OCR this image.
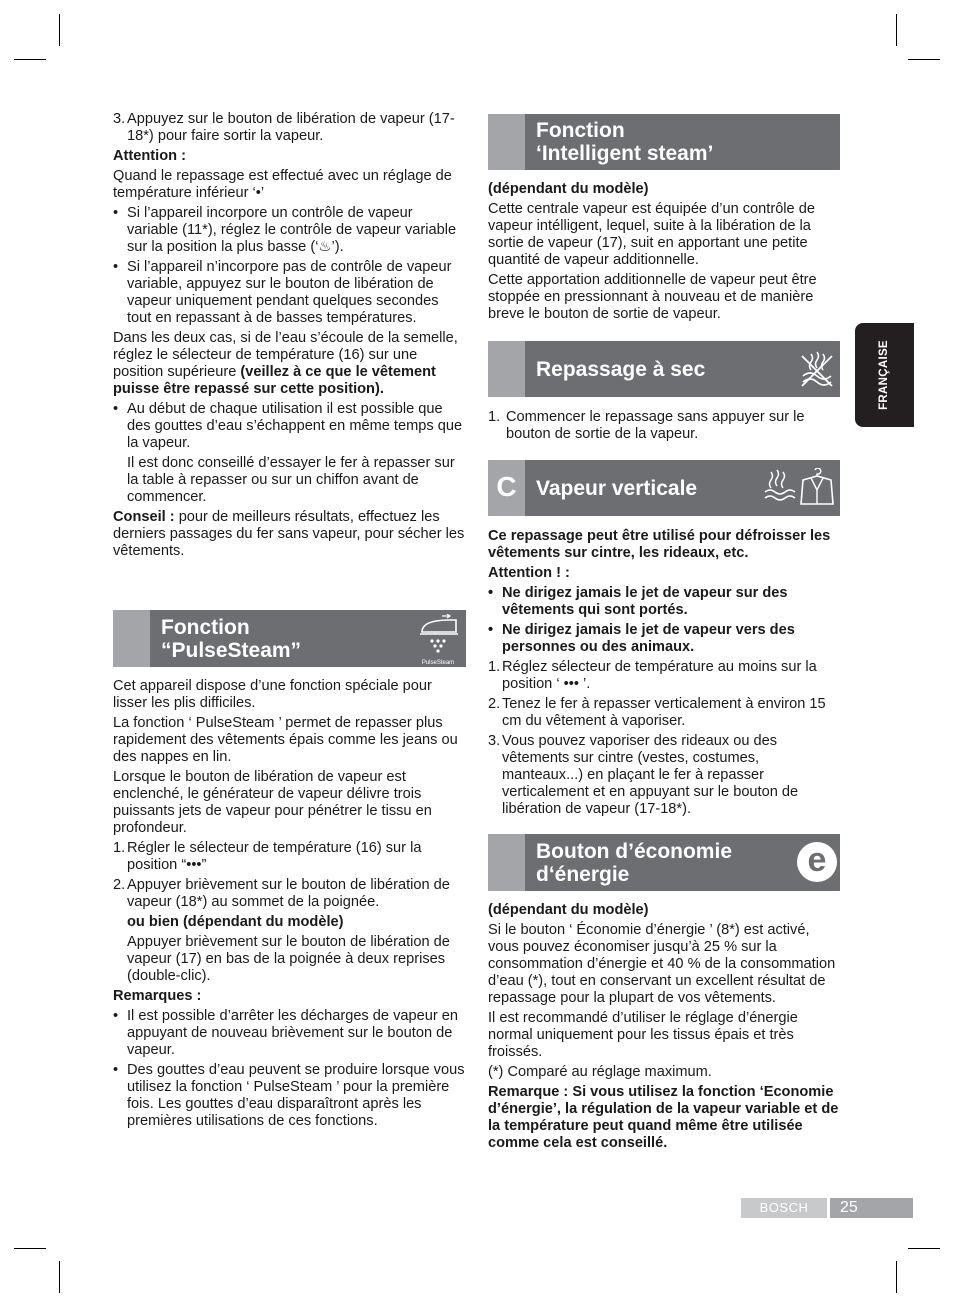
FRANÇAISE
3. Appuyez sur le bouton de libération de vapeur (17-18*) pour faire sortir la vapeur.

Attention :

Quand le repassage est effectué avec un réglage de température inférieur ‘•’

• Si l’appareil incorpore un contrôle de vapeur variable (11*), réglez le contrôle de vapeur variable sur la position la plus basse (‘♨’).
• Si l’appareil n’incorpore pas de contrôle de vapeur variable, appuyez sur le bouton de libération de vapeur uniquement pendant quelques secondes tout en repassant à de basses températures.

Dans les deux cas, si de l’eau s’écoule de la semelle, réglez le sélecteur de température (16) sur une position supérieure (veillez à ce que le vêtement puisse être repassé sur cette position).

• Au début de chaque utilisation il est possible que des gouttes d’eau s’échappent en même temps que la vapeur.

Il est donc conseillé d’essayer le fer à repasser sur la table à repasser ou sur un chiffon avant de commencer.

Conseil : pour de meilleurs résultats, effectuez les derniers passages du fer sans vapeur, pour sécher les vêtements.

Fonction
“PulseSteam”
PulseSteam

Cet appareil dispose d’une fonction spéciale pour lisser les plis difficiles.

La fonction ‘ PulseSteam ’ permet de repasser plus rapidement des vêtements épais comme les jeans ou des nappes en lin.

Lorsque le bouton de libération de vapeur est enclenché, le générateur de vapeur délivre trois puissants jets de vapeur pour pénétrer le tissu en profondeur.

1. Régler le sélecteur de température (16) sur la position “•••”
2. Appuyer brièvement sur le bouton de libération de vapeur (18*) au sommet de la poignée.

ou bien (dépendant du modèle)

Appuyer brièvement sur le bouton de libération de vapeur (17) en bas de la poignée à deux reprises (double-clic).

Remarques :

• Il est possible d’arrêter les décharges de vapeur en appuyant de nouveau brièvement sur le bouton de vapeur.
• Des gouttes d’eau peuvent se produire lorsque vous utilisez la fonction ‘ PulseSteam ’ pour la première fois. Les gouttes d’eau disparaîtront après les premières utilisations de ces fonctions.
Fonction
‘Intelligent steam’

(dépendant du modèle)

Cette centrale vapeur est équipée d’un contrôle de vapeur intélligent, lequel, suite à la libération de la sortie de vapeur (17), suit en apportant une petite quantité de vapeur additionnelle.

Cette apportation additionnelle de vapeur peut être stoppée en pressionnant à nouveau et de manière breve le bouton de sortie de vapeur.

Repassage à sec
1. Commencer le repassage sans appuyer sur le bouton de sortie de la vapeur.
C Vapeur verticale

Ce repassage peut être utilisé pour défroisser les vêtements sur cintre, les rideaux, etc.

Attention ! :

• Ne dirigez jamais le jet de vapeur sur des vêtements qui sont portés.
• Ne dirigez jamais le jet de vapeur vers des personnes ou des animaux.
1. Réglez sélecteur de température au moins sur la position ‘ ••• ’.
2. Tenez le fer à repasser verticalement à environ 15 cm du vêtement à vaporiser.
3. Vous pouvez vaporiser des rideaux ou des vêtements sur cintre (vestes, costumes, manteaux...) en plaçant le fer à repasser verticalement et en appuyant sur le bouton de libération de vapeur (17-18*).
Bouton d’économie
d‘énergie	e

(dépendant du modèle)

Si le bouton ‘ Économie d’énergie ’ (8*) est activé, vous pouvez économiser jusqu’à 25 % sur la consommation d’énergie et 40 % de la consommation d’eau (*), tout en conservant un excellent résultat de repassage pour la plupart de vos vêtements.

Il est recommandé d’utiliser le réglage d’énergie normal uniquement pour les tissus épais et très froissés.

(*) Comparé au réglage maximum.

Remarque : Si vous utilisez la fonction ‘Economie d’énergie’, la régulation de la vapeur variable et de la température peut quand même être utilisée comme cela est conseillé.

BOSCH	25
